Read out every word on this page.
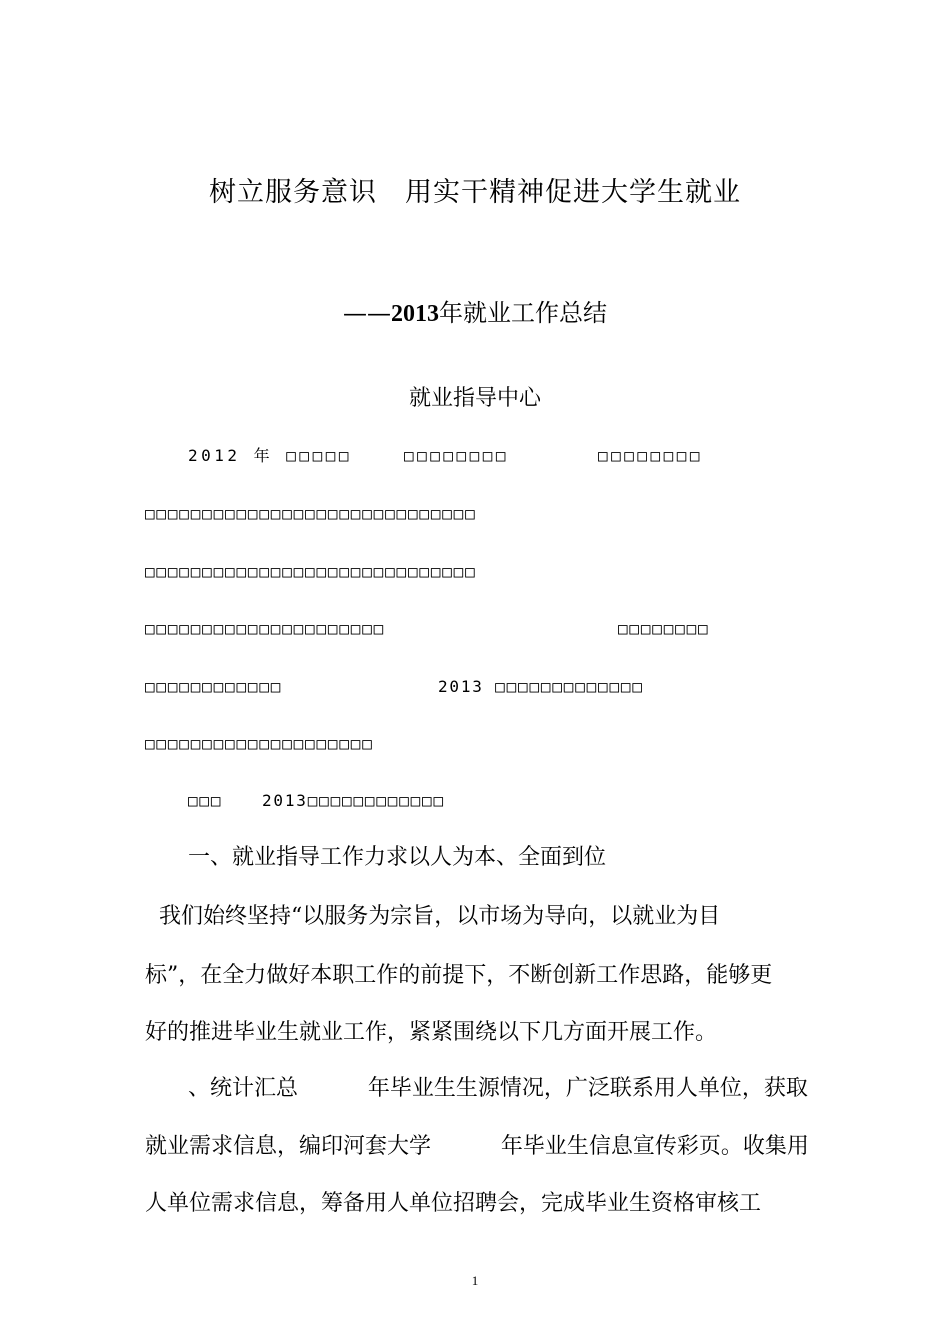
树立服务意识　用实干精神促进大学生就业
——2013年就业工作总结
就业指导中心
2012 年 □□□□□	□□□□□□□□	□□□□□□□□
□□□□□□□□□□□□□□□□□□□□□□□□□□□□□
□□□□□□□□□□□□□□□□□□□□□□□□□□□□□
□□□□□□□□□□□□□□□□□□□□□	□□□□□□□□
□□□□□□□□□□□□	2013 □□□□□□□□□□□□□
□□□□□□□□□□□□□□□□□□□□
□□□ 2013□□□□□□□□□□□□
一、就业指导工作力求以人为本、全面到位
我们始终坚持“以服务为宗旨，以市场为导向，以就业为目
标”，在全力做好本职工作的前提下，不断创新工作思路，能够更
好的推进毕业生就业工作，紧紧围绕以下几方面开展工作。
、统计汇总          年毕业生生源情况，广泛联系用人单位，获取
就业需求信息，编印河套大学          年毕业生信息宣传彩页。收集用
人单位需求信息，筹备用人单位招聘会，完成毕业生资格审核工
1
